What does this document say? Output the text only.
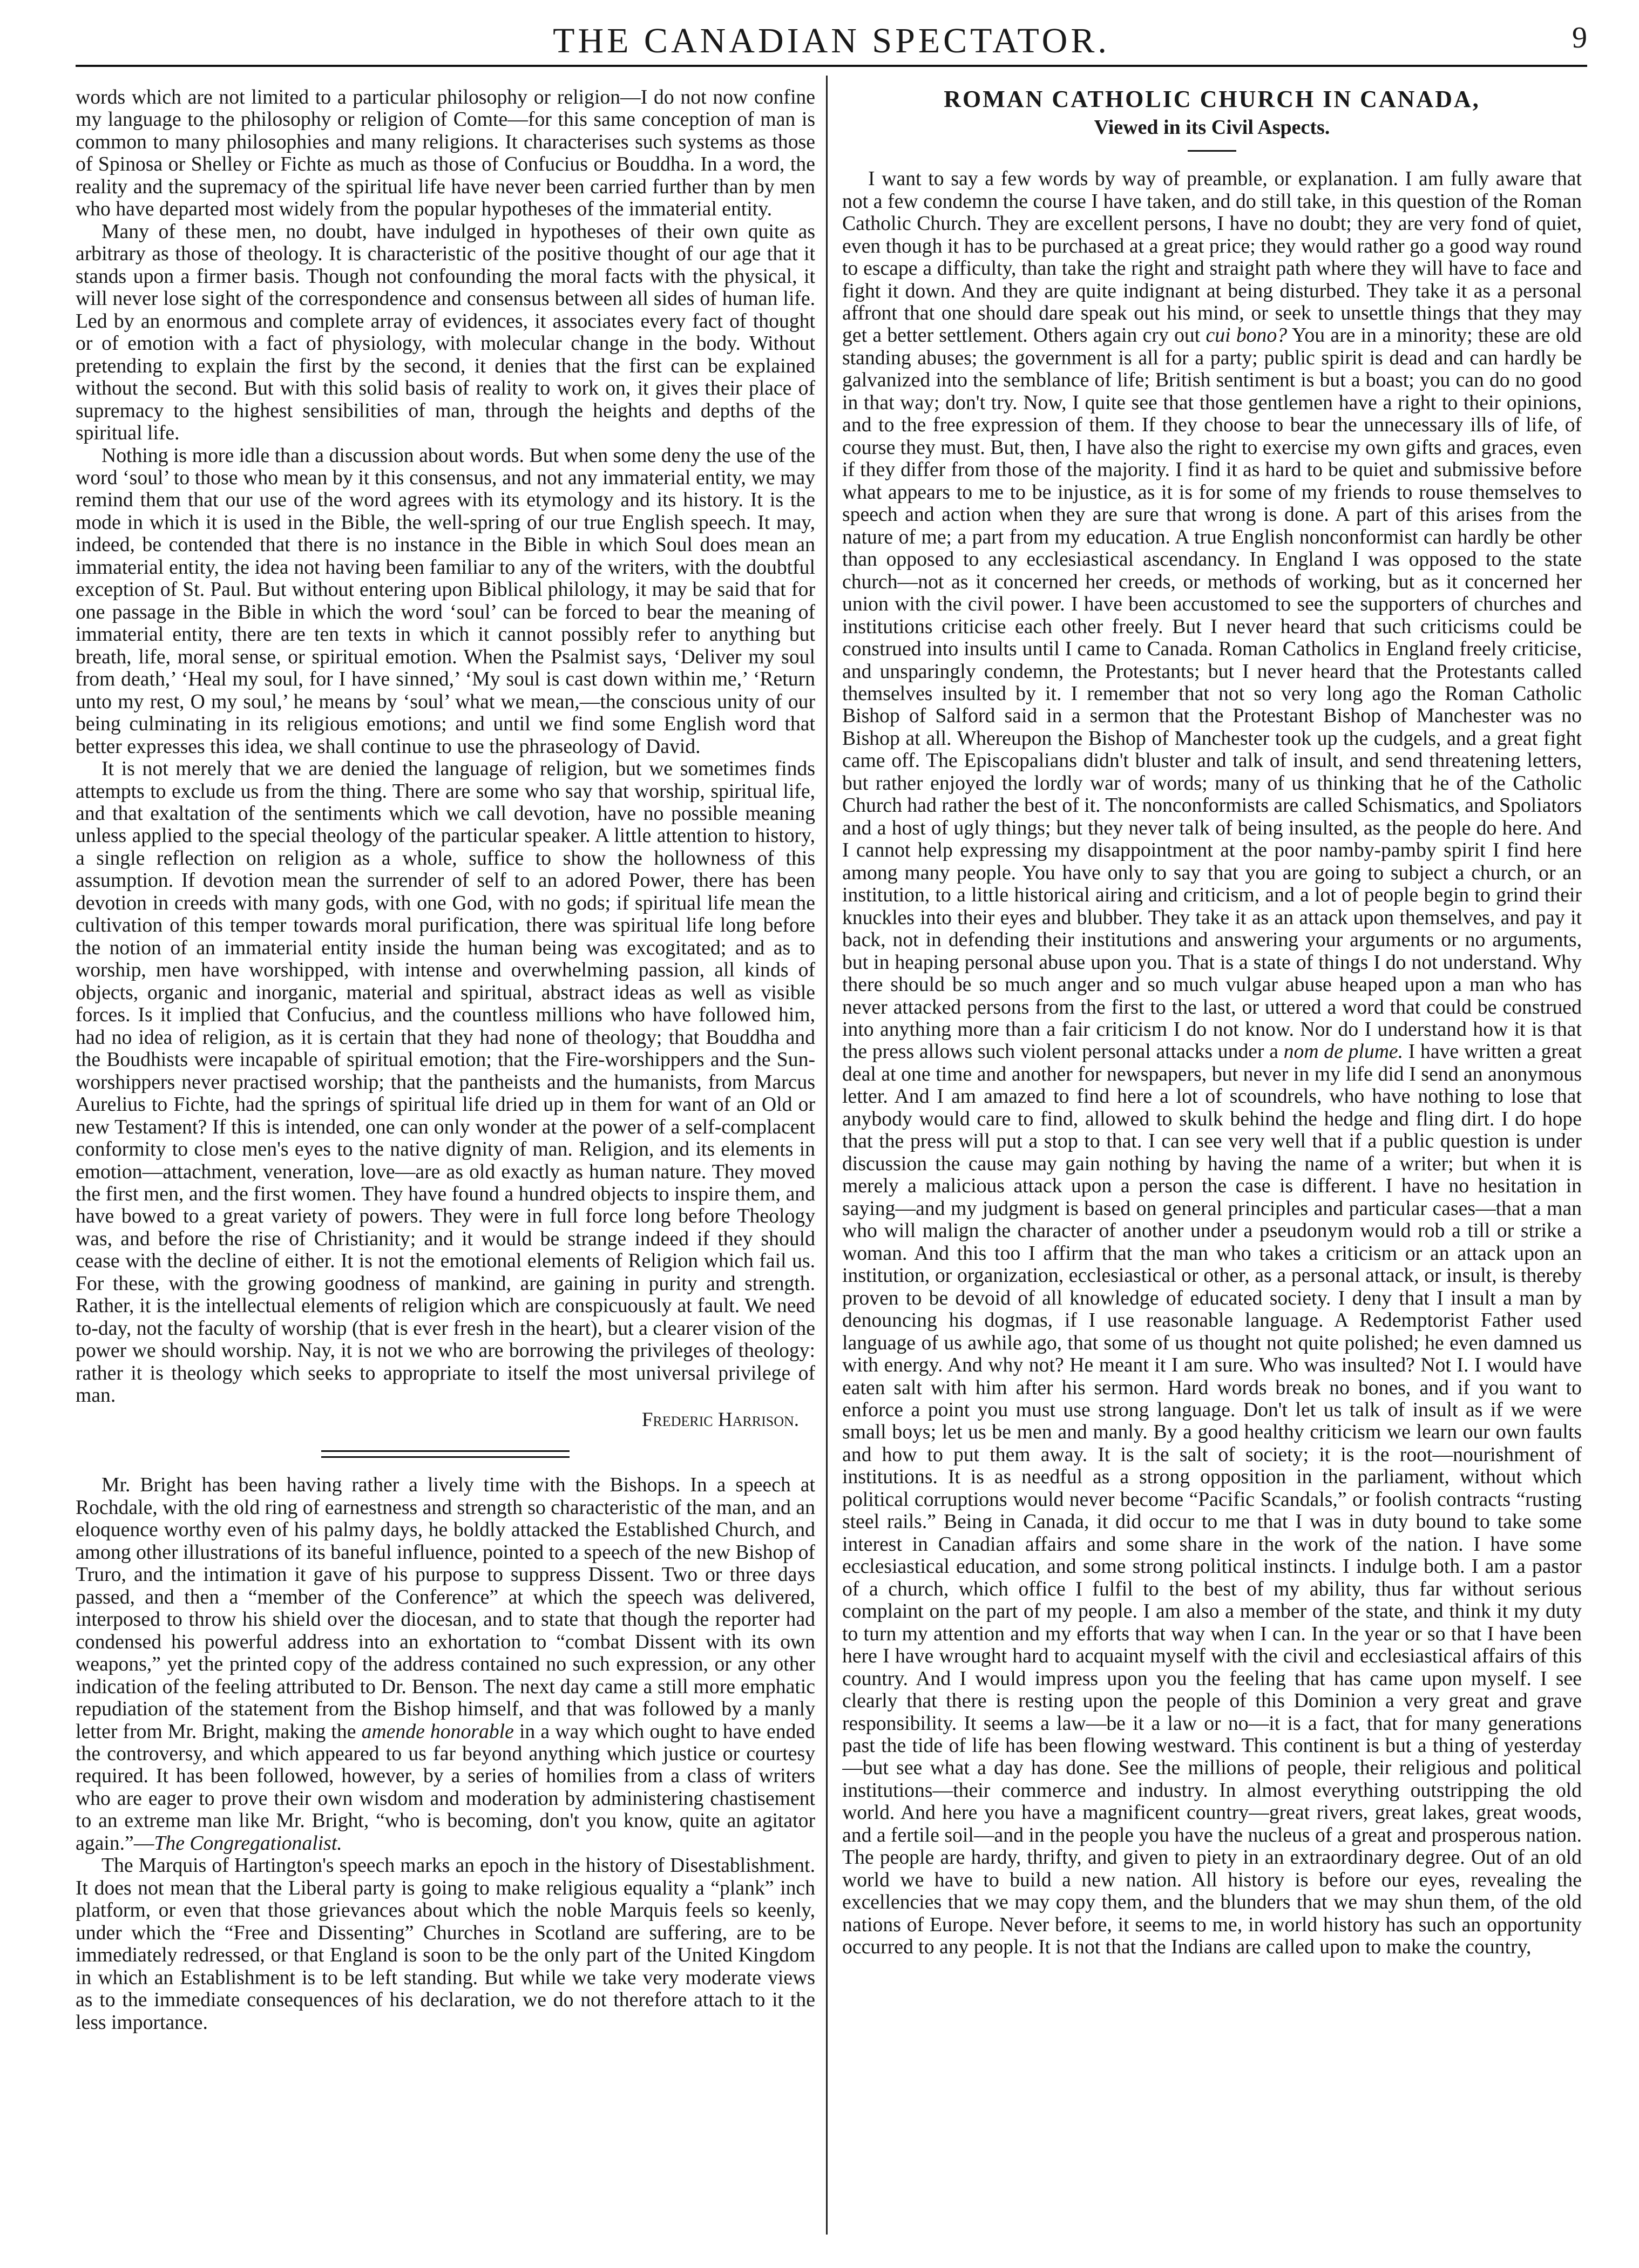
THE CANADIAN SPECTATOR.	9

words which are not limited to a particular philosophy or religion—I do not now confine my language to the philosophy or religion of Comte—for this same conception of man is common to many philosophies and many religions. It characterises such systems as those of Spinosa or Shelley or Fichte as much as those of Confucius or Bouddha. In a word, the reality and the supremacy of the spiritual life have never been carried further than by men who have departed most widely from the popular hypotheses of the immaterial entity.

Many of these men, no doubt, have indulged in hypotheses of their own quite as arbitrary as those of theology. It is characteristic of the positive thought of our age that it stands upon a firmer basis. Though not confounding the moral facts with the physical, it will never lose sight of the correspondence and consensus between all sides of human life. Led by an enormous and complete array of evidences, it associates every fact of thought or of emotion with a fact of physiology, with molecular change in the body. Without pretending to explain the first by the second, it denies that the first can be explained without the second. But with this solid basis of reality to work on, it gives their place of supremacy to the highest sensibilities of man, through the heights and depths of the spiritual life.

Nothing is more idle than a discussion about words. But when some deny the use of the word ‘soul’ to those who mean by it this consensus, and not any immaterial entity, we may remind them that our use of the word agrees with its etymology and its history. It is the mode in which it is used in the Bible, the well-spring of our true English speech. It may, indeed, be contended that there is no instance in the Bible in which Soul does mean an immaterial entity, the idea not having been familiar to any of the writers, with the doubtful exception of St. Paul. But without entering upon Biblical philology, it may be said that for one passage in the Bible in which the word ‘soul’ can be forced to bear the meaning of immaterial entity, there are ten texts in which it cannot possibly refer to anything but breath, life, moral sense, or spiritual emotion. When the Psalmist says, ‘Deliver my soul from death,’ ‘Heal my soul, for I have sinned,’ ‘My soul is cast down within me,’ ‘Return unto my rest, O my soul,’ he means by ‘soul’ what we mean,—the conscious unity of our being culminating in its religious emotions; and until we find some English word that better expresses this idea, we shall continue to use the phraseology of David.

It is not merely that we are denied the language of religion, but we sometimes finds attempts to exclude us from the thing. There are some who say that worship, spiritual life, and that exaltation of the sentiments which we call devotion, have no possible meaning unless applied to the special theology of the particular speaker. A little attention to history, a single reflection on religion as a whole, suffice to show the hollowness of this assumption. If devotion mean the surrender of self to an adored Power, there has been devotion in creeds with many gods, with one God, with no gods; if spiritual life mean the cultivation of this temper towards moral purification, there was spiritual life long before the notion of an immaterial entity inside the human being was excogitated; and as to worship, men have worshipped, with intense and overwhelming passion, all kinds of objects, organic and inorganic, material and spiritual, abstract ideas as well as visible forces. Is it implied that Confucius, and the countless millions who have followed him, had no idea of religion, as it is certain that they had none of theology; that Bouddha and the Boudhists were incapable of spiritual emotion; that the Fire-worshippers and the Sun-worshippers never practised worship; that the pantheists and the humanists, from Marcus Aurelius to Fichte, had the springs of spiritual life dried up in them for want of an Old or new Testament? If this is intended, one can only wonder at the power of a self-complacent conformity to close men's eyes to the native dignity of man. Religion, and its elements in emotion—attachment, veneration, love—are as old exactly as human nature. They moved the first men, and the first women. They have found a hundred objects to inspire them, and have bowed to a great variety of powers. They were in full force long before Theology was, and before the rise of Christianity; and it would be strange indeed if they should cease with the decline of either. It is not the emotional elements of Religion which fail us. For these, with the growing goodness of mankind, are gaining in purity and strength. Rather, it is the intellectual elements of religion which are conspicuously at fault. We need to-day, not the faculty of worship (that is ever fresh in the heart), but a clearer vision of the power we should worship. Nay, it is not we who are borrowing the privileges of theology: rather it is theology which seeks to appropriate to itself the most universal privilege of man.

Frederic Harrison.

Mr. Bright has been having rather a lively time with the Bishops. In a speech at Rochdale, with the old ring of earnestness and strength so characteristic of the man, and an eloquence worthy even of his palmy days, he boldly attacked the Established Church, and among other illustrations of its baneful influence, pointed to a speech of the new Bishop of Truro, and the intimation it gave of his purpose to suppress Dissent. Two or three days passed, and then a “member of the Conference” at which the speech was delivered, interposed to throw his shield over the diocesan, and to state that though the reporter had condensed his powerful address into an exhortation to “combat Dissent with its own weapons,” yet the printed copy of the address contained no such expression, or any other indication of the feeling attributed to Dr. Benson. The next day came a still more emphatic repudiation of the statement from the Bishop himself, and that was followed by a manly letter from Mr. Bright, making the amende honorable in a way which ought to have ended the controversy, and which appeared to us far beyond anything which justice or courtesy required. It has been followed, however, by a series of homilies from a class of writers who are eager to prove their own wisdom and moderation by administering chastisement to an extreme man like Mr. Bright, “who is becoming, don't you know, quite an agitator again.”—The Congregationalist.

The Marquis of Hartington's speech marks an epoch in the history of Disestablishment. It does not mean that the Liberal party is going to make religious equality a “plank” inch platform, or even that those grievances about which the noble Marquis feels so keenly, under which the “Free and Dissenting” Churches in Scotland are suffering, are to be immediately redressed, or that England is soon to be the only part of the United Kingdom in which an Establishment is to be left standing. But while we take very moderate views as to the immediate consequences of his declaration, we do not therefore attach to it the less importance.

ROMAN CATHOLIC CHURCH IN CANADA,
Viewed in its Civil Aspects.

I want to say a few words by way of preamble, or explanation. I am fully aware that not a few condemn the course I have taken, and do still take, in this question of the Roman Catholic Church. They are excellent persons, I have no doubt; they are very fond of quiet, even though it has to be purchased at a great price; they would rather go a good way round to escape a difficulty, than take the right and straight path where they will have to face and fight it down. And they are quite indignant at being disturbed. They take it as a personal affront that one should dare speak out his mind, or seek to unsettle things that they may get a better settlement. Others again cry out cui bono? You are in a minority; these are old standing abuses; the government is all for a party; public spirit is dead and can hardly be galvanized into the semblance of life; British sentiment is but a boast; you can do no good in that way; don't try. Now, I quite see that those gentlemen have a right to their opinions, and to the free expression of them. If they choose to bear the unnecessary ills of life, of course they must. But, then, I have also the right to exercise my own gifts and graces, even if they differ from those of the majority. I find it as hard to be quiet and submissive before what appears to me to be injustice, as it is for some of my friends to rouse themselves to speech and action when they are sure that wrong is done. A part of this arises from the nature of me; a part from my education. A true English nonconformist can hardly be other than opposed to any ecclesiastical ascendancy. In England I was opposed to the state church—not as it concerned her creeds, or methods of working, but as it concerned her union with the civil power. I have been accustomed to see the supporters of churches and institutions criticise each other freely. But I never heard that such criticisms could be construed into insults until I came to Canada. Roman Catholics in England freely criticise, and unsparingly condemn, the Protestants; but I never heard that the Protestants called themselves insulted by it. I remember that not so very long ago the Roman Catholic Bishop of Salford said in a sermon that the Protestant Bishop of Manchester was no Bishop at all. Whereupon the Bishop of Manchester took up the cudgels, and a great fight came off. The Episcopalians didn't bluster and talk of insult, and send threatening letters, but rather enjoyed the lordly war of words; many of us thinking that he of the Catholic Church had rather the best of it. The nonconformists are called Schismatics, and Spoliators and a host of ugly things; but they never talk of being insulted, as the people do here. And I cannot help expressing my disappointment at the poor namby-pamby spirit I find here among many people. You have only to say that you are going to subject a church, or an institution, to a little historical airing and criticism, and a lot of people begin to grind their knuckles into their eyes and blubber. They take it as an attack upon themselves, and pay it back, not in defending their institutions and answering your arguments or no arguments, but in heaping personal abuse upon you. That is a state of things I do not understand. Why there should be so much anger and so much vulgar abuse heaped upon a man who has never attacked persons from the first to the last, or uttered a word that could be construed into anything more than a fair criticism I do not know. Nor do I understand how it is that the press allows such violent personal attacks under a nom de plume. I have written a great deal at one time and another for newspapers, but never in my life did I send an anonymous letter. And I am amazed to find here a lot of scoundrels, who have nothing to lose that anybody would care to find, allowed to skulk behind the hedge and fling dirt. I do hope that the press will put a stop to that. I can see very well that if a public question is under discussion the cause may gain nothing by having the name of a writer; but when it is merely a malicious attack upon a person the case is different. I have no hesitation in saying—and my judgment is based on general principles and particular cases—that a man who will malign the character of another under a pseudonym would rob a till or strike a woman. And this too I affirm that the man who takes a criticism or an attack upon an institution, or organization, ecclesiastical or other, as a personal attack, or insult, is thereby proven to be devoid of all knowledge of educated society. I deny that I insult a man by denouncing his dogmas, if I use reasonable language. A Redemptorist Father used language of us awhile ago, that some of us thought not quite polished; he even damned us with energy. And why not? He meant it I am sure. Who was insulted? Not I. I would have eaten salt with him after his sermon. Hard words break no bones, and if you want to enforce a point you must use strong language. Don't let us talk of insult as if we were small boys; let us be men and manly. By a good healthy criticism we learn our own faults and how to put them away. It is the salt of society; it is the root—nourishment of institutions. It is as needful as a strong opposition in the parliament, without which political corruptions would never become “Pacific Scandals,” or foolish contracts “rusting steel rails.” Being in Canada, it did occur to me that I was in duty bound to take some interest in Canadian affairs and some share in the work of the nation. I have some ecclesiastical education, and some strong political instincts. I indulge both. I am a pastor of a church, which office I fulfil to the best of my ability, thus far without serious complaint on the part of my people. I am also a member of the state, and think it my duty to turn my attention and my efforts that way when I can. In the year or so that I have been here I have wrought hard to acquaint myself with the civil and ecclesiastical affairs of this country. And I would impress upon you the feeling that has came upon myself. I see clearly that there is resting upon the people of this Dominion a very great and grave responsibility. It seems a law—be it a law or no—it is a fact, that for many generations past the tide of life has been flowing westward. This continent is but a thing of yesterday—but see what a day has done. See the millions of people, their religious and political institutions—their commerce and industry. In almost everything outstripping the old world. And here you have a magnificent country—great rivers, great lakes, great woods, and a fertile soil—and in the people you have the nucleus of a great and prosperous nation. The people are hardy, thrifty, and given to piety in an extraordinary degree. Out of an old world we have to build a new nation. All history is before our eyes, revealing the excellencies that we may copy them, and the blunders that we may shun them, of the old nations of Europe. Never before, it seems to me, in world history has such an opportunity occurred to any people. It is not that the Indians are called upon to make the country,
